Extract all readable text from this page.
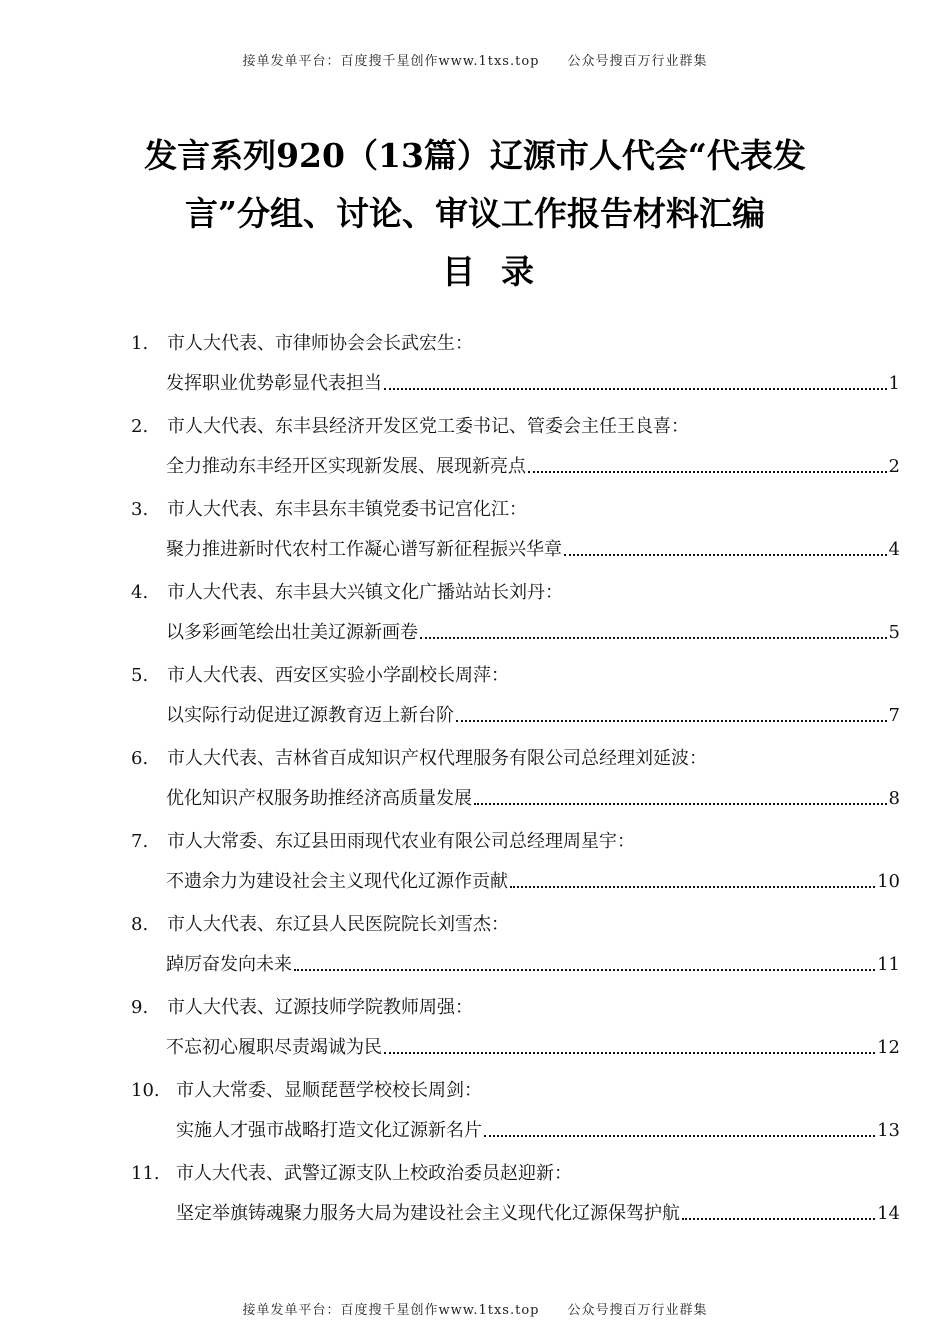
接单发单平台：百度搜千星创作www.1txs.top 公众号搜百万行业群集
发言系列920（13篇）辽源市人代会“代表发
言”分组、讨论、审议工作报告材料汇编
目录
1. 市人大代表、市律师协会会长武宏生：
发挥职业优势彰显代表担当	1
2. 市人大代表、东丰县经济开发区党工委书记、管委会主任王良喜：
全力推动东丰经开区实现新发展、展现新亮点	2
3. 市人大代表、东丰县东丰镇党委书记宫化江：
聚力推进新时代农村工作凝心谱写新征程振兴华章	4
4. 市人大代表、东丰县大兴镇文化广播站站长刘丹：
以多彩画笔绘出壮美辽源新画卷	5
5. 市人大代表、西安区实验小学副校长周萍：
以实际行动促进辽源教育迈上新台阶	7
6. 市人大代表、吉林省百成知识产权代理服务有限公司总经理刘延波：
优化知识产权服务助推经济高质量发展	8
7. 市人大常委、东辽县田雨现代农业有限公司总经理周星宇：
不遗余力为建设社会主义现代化辽源作贡献	10
8. 市人大代表、东辽县人民医院院长刘雪杰：
踔厉奋发向未来	11
9. 市人大代表、辽源技师学院教师周强：
不忘初心履职尽责竭诚为民	12
10. 市人大常委、显顺琵琶学校校长周剑：
实施人才强市战略打造文化辽源新名片	13
11. 市人大代表、武警辽源支队上校政治委员赵迎新：
坚定举旗铸魂聚力服务大局为建设社会主义现代化辽源保驾护航	14
接单发单平台：百度搜千星创作www.1txs.top 公众号搜百万行业群集
